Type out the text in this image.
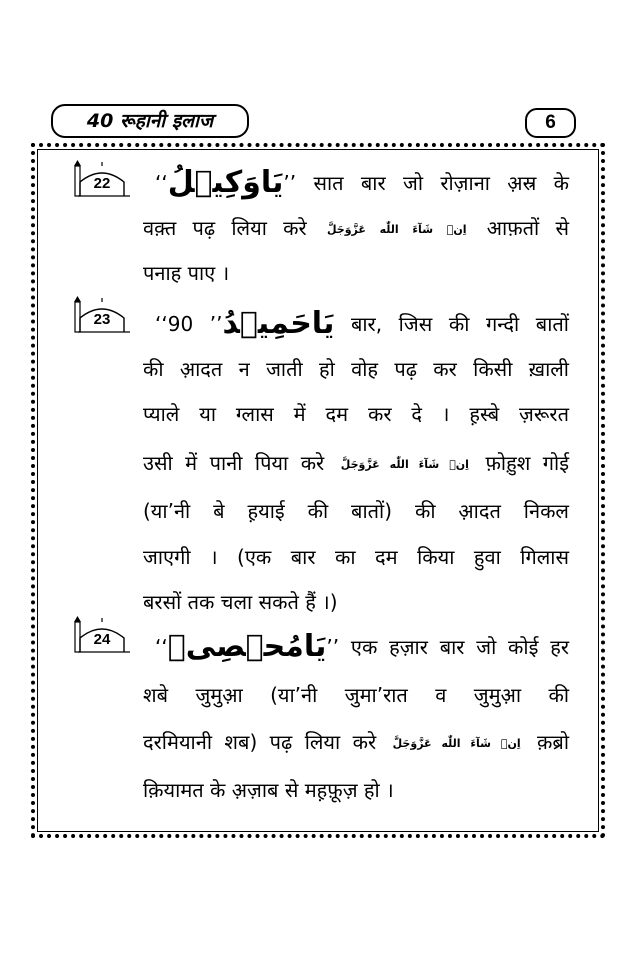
40 रूहानी इलाज	6
22	‘‘یَاوَکِیۡلُ’’ सात बार जो रोज़ाना अ़स्र के
वक़्त पढ़ लिया करे اِنۡ شَآءَ اللّٰه عَزَّوَجَلَّ आफ़तों से
पनाह पाए ।
23	‘‘ یَاحَمِیۡدُ’’ 90 बार, जिस की गन्दी बातों
की आ़दत न जाती हो वोह पढ़ कर किसी ख़ाली
प्याले या ग्लास में दम कर दे । ह़स्बे ज़रूरत
उसी में पानी पिया करे اِنۡ شَآءَ اللّٰه عَزَّوَجَلَّ फ़ोह़ुश गोई
(या’नी बे ह़याई की बातों) की आ़दत निकल
जाएगी । (एक बार का दम किया हुवा गिलास
बरसों तक चला सकते हैं ।)
24	‘‘یَامُحۡصِیۡ’’ एक हज़ार बार जो कोई हर
शबे जुमुआ़ (या’नी जुमा’रात व जुमुआ़ की
दरमियानी शब) पढ़ लिया करे اِنۡ شَآءَ اللّٰه عَزَّوَجَلَّ क़ब्रो
क़ियामत के अ़ज़ाब से मह़फ़ूज़ हो ।
